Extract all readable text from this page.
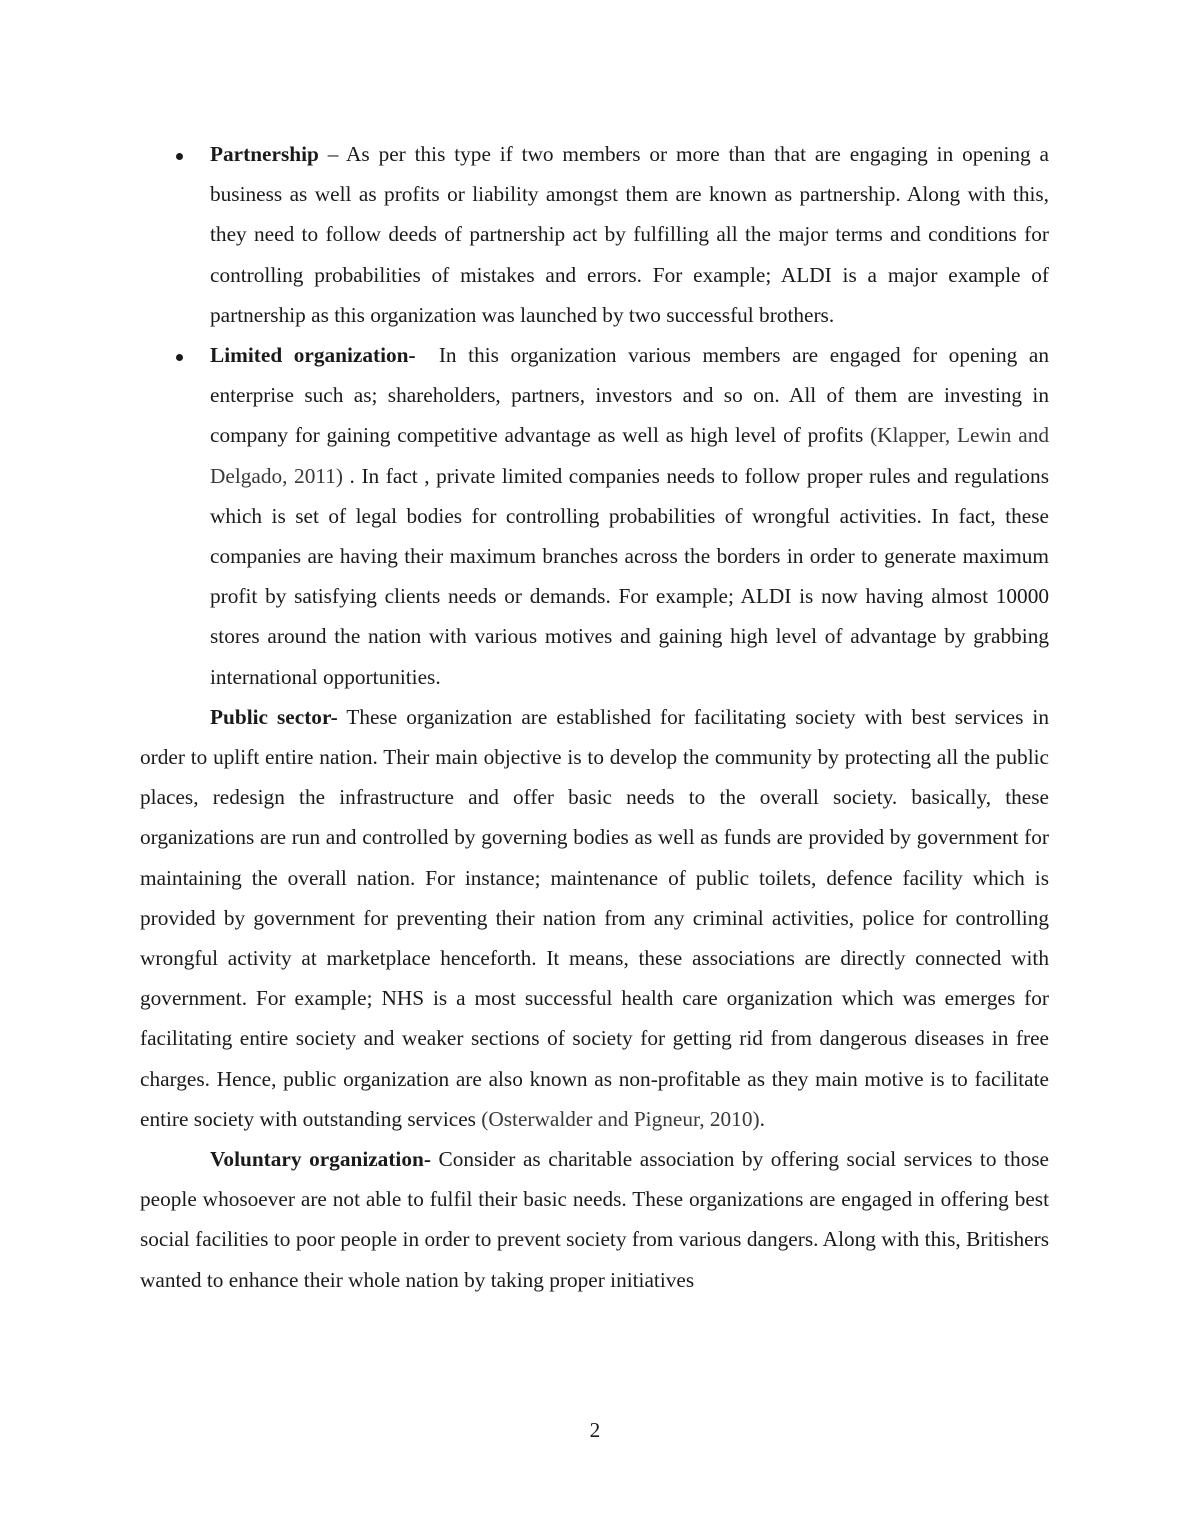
Partnership – As per this type if two members or more than that are engaging in opening a business as well as profits or liability amongst them are known as partnership. Along with this, they need to follow deeds of partnership act by fulfilling all the major terms and conditions for controlling probabilities of mistakes and errors. For example; ALDI is a major example of partnership as this organization was launched by two successful brothers.
Limited organization-  In this organization various members are engaged for opening an enterprise such as; shareholders, partners, investors and so on. All of them are investing in company for gaining competitive advantage as well as high level of profits (Klapper, Lewin and Delgado, 2011) . In fact , private limited companies needs to follow proper rules and regulations which is set of legal bodies for controlling probabilities of wrongful activities. In fact, these companies are having their maximum branches across the borders in order to generate maximum profit by satisfying clients needs or demands. For example; ALDI is now having almost 10000 stores around the nation with various motives and gaining high level of advantage by grabbing international opportunities.

Public sector- These organization are established for facilitating society with best services in order to uplift entire nation. Their main objective is to develop the community by protecting all the public places, redesign the infrastructure and offer basic needs to the overall society. basically, these organizations are run and controlled by governing bodies as well as funds are provided by government for maintaining the overall nation. For instance; maintenance of public toilets, defence facility which is provided by government for preventing their nation from any criminal activities, police for controlling wrongful activity at marketplace henceforth. It means, these associations are directly connected with government. For example; NHS is a most successful health care organization which was emerges for facilitating entire society and weaker sections of society for getting rid from dangerous diseases in free charges. Hence, public organization are also known as non-profitable as they main motive is to facilitate entire society with outstanding services (Osterwalder and Pigneur, 2010).

Voluntary organization- Consider as charitable association by offering social services to those people whosoever are not able to fulfil their basic needs. These organizations are engaged in offering best social facilities to poor people in order to prevent society from various dangers. Along with this, Britishers wanted to enhance their whole nation by taking proper initiatives

2
